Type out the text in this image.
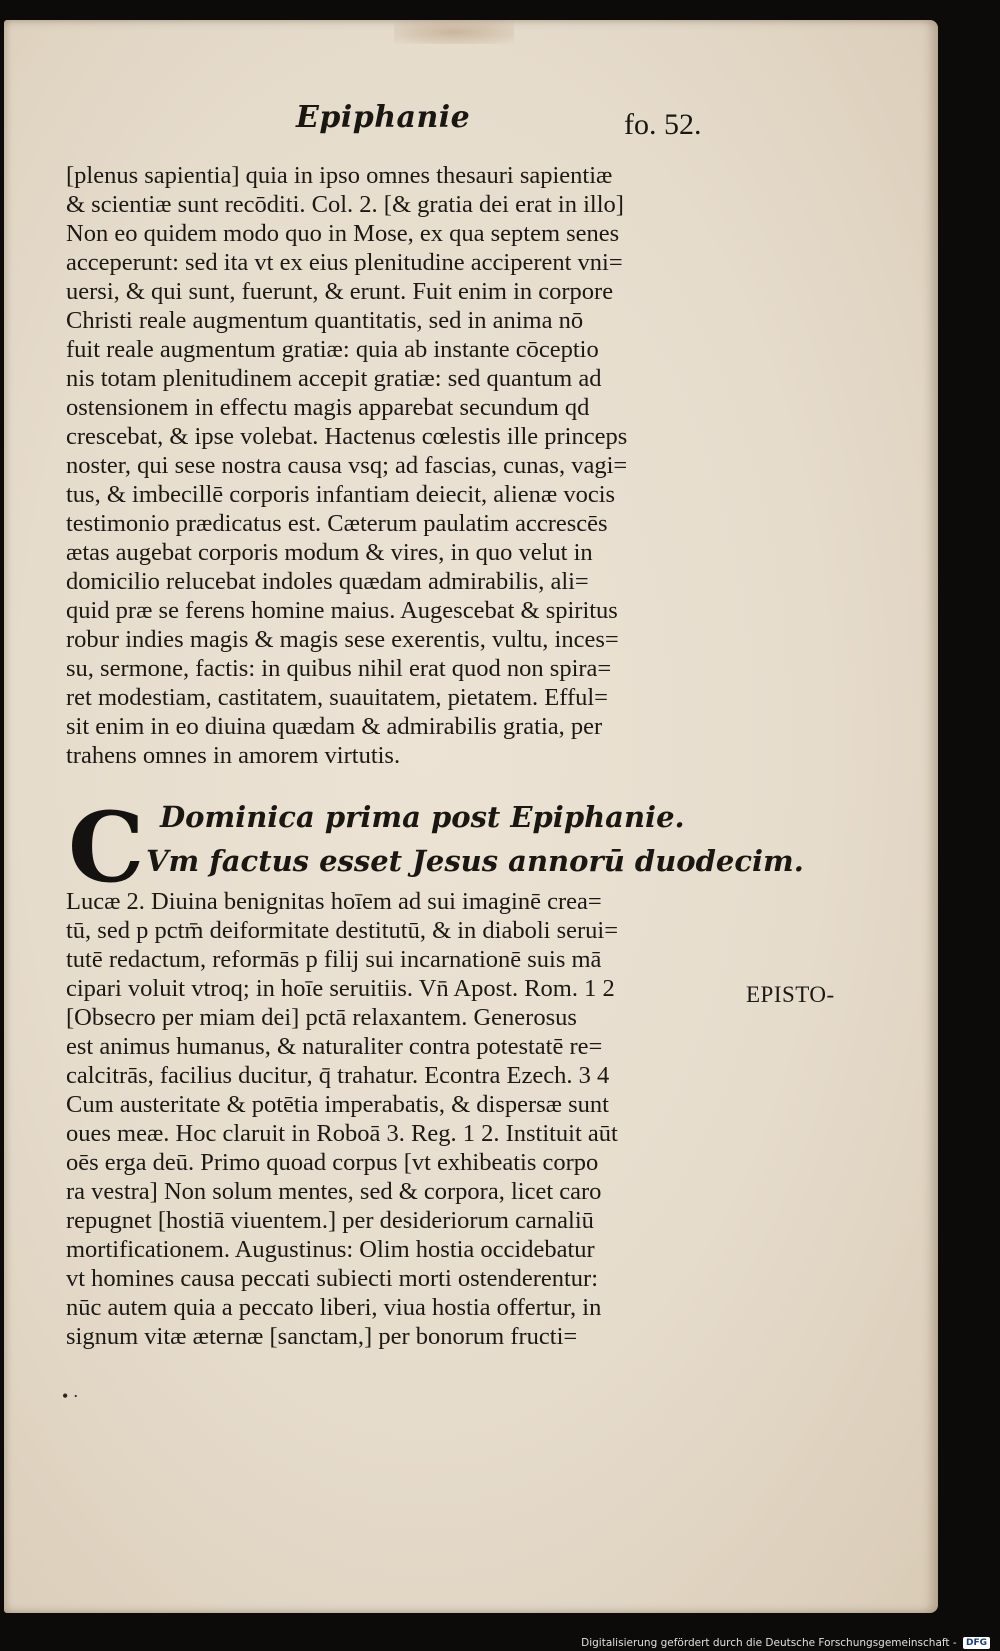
Epiphanie	fo. 52.
[plenus sapientia] quia in ipso omnes thesauri sapientiæ
& scientiæ sunt recōditi. Col. 2. [& gratia dei erat in illo]
Non eo quidem modo quo in Mose, ex qua septem senes
acceperunt: sed ita vt ex eius plenitudine acciperent vni=
uersi, & qui sunt, fuerunt, & erunt. Fuit enim in corpore
Christi reale augmentum quantitatis, sed in anima nō
fuit reale augmentum gratiæ: quia ab instante cōceptio
nis totam plenitudinem accepit gratiæ: sed quantum ad
ostensionem in effectu magis apparebat secundum qd
crescebat, & ipse volebat. Hactenus cœlestis ille princeps
noster, qui sese nostra causa vsq; ad fascias, cunas, vagi=
tus, & imbecillē corporis infantiam deiecit, alienæ vocis
testimonio prædicatus est. Cæterum paulatim accrescēs
ætas augebat corporis modum & vires, in quo velut in
domicilio relucebat indoles quædam admirabilis, ali=
quid præ se ferens homine maius. Augescebat & spiritus
robur indies magis & magis sese exerentis, vultu, inces=
su, sermone, factis: in quibus nihil erat quod non spira=
ret modestiam, castitatem, suauitatem, pietatem. Efful=
sit enim in eo diuina quædam & admirabilis gratia, per
trahens omnes in amorem virtutis.
C Dominica prima post Epiphanie.
Vm factus esset Jesus annorū duodecim.
Lucæ 2. Diuina benignitas hoīem ad sui imaginē crea=
tū, sed p pctm̄ deiformitate destitutū, & in diaboli serui=
tutē redactum, reformās p filij sui incarnationē suis mā
cipari voluit vtroq; in hoīe seruitiis. Vn̄ Apost. Rom. 1 2
[Obsecro per miam dei] pctā relaxantem. Generosus
est animus humanus, & naturaliter contra potestatē re=
calcitrās, facilius ducitur, q̄ trahatur. Econtra Ezech. 3 4
Cum austeritate & potētia imperabatis, & dispersæ sunt
oues meæ. Hoc claruit in Roboā 3. Reg. 1 2. Instituit aūt
oēs erga deū. Primo quoad corpus [vt exhibeatis corpo
ra vestra] Non solum mentes, sed & corpora, licet caro
repugnet [hostiā viuentem.] per desideriorum carnaliū
mortificationem. Augustinus: Olim hostia occidebatur
vt homines causa peccati subiecti morti ostenderentur:
nūc autem quia a peccato liberi, viua hostia offertur, in
signum vitæ æternæ [sanctam,] per bonorum fructi=
EPISTO-
• ·
Digitalisierung gefördert durch die Deutsche Forschungsgemeinschaft - DFG
